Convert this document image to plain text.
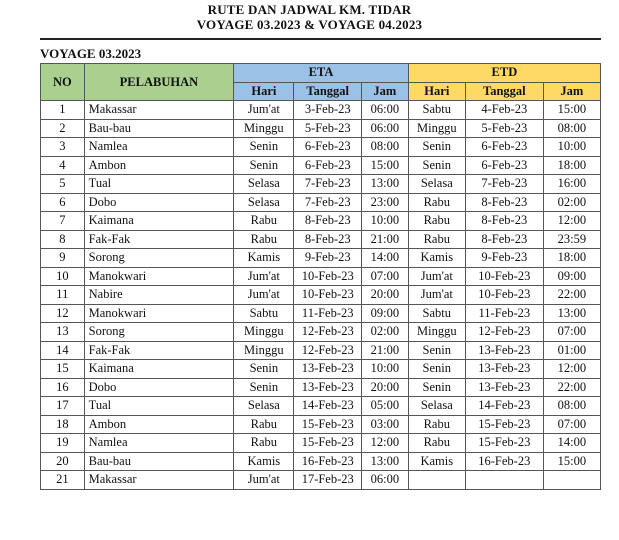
RUTE DAN JADWAL KM. TIDAR
VOYAGE 03.2023 & VOYAGE 04.2023
VOYAGE 03.2023
NO	PELABUHAN	ETA			ETD		
		Hari	Tanggal	Jam	Hari	Tanggal	Jam
1	Makassar	Jum'at	3-Feb-23	06:00	Sabtu	4-Feb-23	15:00
2	Bau-bau	Minggu	5-Feb-23	06:00	Minggu	5-Feb-23	08:00
3	Namlea	Senin	6-Feb-23	08:00	Senin	6-Feb-23	10:00
4	Ambon	Senin	6-Feb-23	15:00	Senin	6-Feb-23	18:00
5	Tual	Selasa	7-Feb-23	13:00	Selasa	7-Feb-23	16:00
6	Dobo	Selasa	7-Feb-23	23:00	Rabu	8-Feb-23	02:00
7	Kaimana	Rabu	8-Feb-23	10:00	Rabu	8-Feb-23	12:00
8	Fak-Fak	Rabu	8-Feb-23	21:00	Rabu	8-Feb-23	23:59
9	Sorong	Kamis	9-Feb-23	14:00	Kamis	9-Feb-23	18:00
10	Manokwari	Jum'at	10-Feb-23	07:00	Jum'at	10-Feb-23	09:00
11	Nabire	Jum'at	10-Feb-23	20:00	Jum'at	10-Feb-23	22:00
12	Manokwari	Sabtu	11-Feb-23	09:00	Sabtu	11-Feb-23	13:00
13	Sorong	Minggu	12-Feb-23	02:00	Minggu	12-Feb-23	07:00
14	Fak-Fak	Minggu	12-Feb-23	21:00	Senin	13-Feb-23	01:00
15	Kaimana	Senin	13-Feb-23	10:00	Senin	13-Feb-23	12:00
16	Dobo	Senin	13-Feb-23	20:00	Senin	13-Feb-23	22:00
17	Tual	Selasa	14-Feb-23	05:00	Selasa	14-Feb-23	08:00
18	Ambon	Rabu	15-Feb-23	03:00	Rabu	15-Feb-23	07:00
19	Namlea	Rabu	15-Feb-23	12:00	Rabu	15-Feb-23	14:00
20	Bau-bau	Kamis	16-Feb-23	13:00	Kamis	16-Feb-23	15:00
21	Makassar	Jum'at	17-Feb-23	06:00			
